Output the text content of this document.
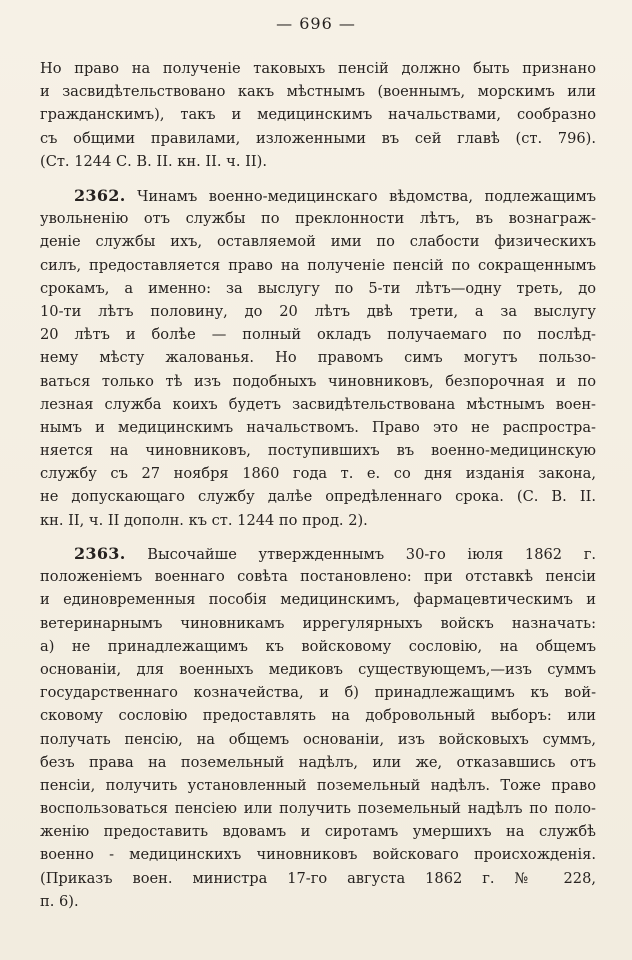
— 696 —
Но право на полученіе таковыхъ пенсій должно быть признано
и засвидѣтельствовано какъ мѣстнымъ (военнымъ, морскимъ или
гражданскимъ), такъ и медицинскимъ начальствами, сообразно
съ общими правилами, изложенными въ сей главѣ (ст. 796).
(Ст. 1244 С. В. II. кн. II. ч. II).
2362. Чинамъ военно-медицинскаго вѣдомства, подлежащимъ
увольненію отъ службы по преклонности лѣтъ, въ вознаграж-
деніе службы ихъ, оставляемой ими по слабости физическихъ
силъ, предоставляется право на полученіе пенсій по сокращеннымъ
срокамъ, а именно: за выслугу по 5-ти лѣтъ—одну треть, до
10-ти лѣтъ половину, до 20 лѣтъ двѣ трети, а за выслугу
20 лѣтъ и болѣе — полный окладъ получаемаго по послѣд-
нему мѣсту жалованья. Но правомъ симъ могутъ пользо-
ваться только тѣ изъ подобныхъ чиновниковъ, безпорочная и по
лезная служба коихъ будетъ засвидѣтельствована мѣстнымъ воен-
нымъ и медицинскимъ начальствомъ. Право это не распростра-
няется на чиновниковъ, поступившихъ въ военно-медицинскую
службу съ 27 ноября 1860 года т. е. со дня изданія закона,
не допускающаго службу далѣе опредѣленнаго срока. (С. В. II.
кн. II, ч. II дополн. къ ст. 1244 по прод. 2).
2363. Высочайше утвержденнымъ 30-го іюля 1862 г.
положеніемъ военнаго совѣта постановлено: при отставкѣ пенсіи
и единовременныя пособія медицинскимъ, фармацевтическимъ и
ветеринарнымъ чиновникамъ иррегулярныхъ войскъ назначать:
а) не принадлежащимъ къ войсковому сословію, на общемъ
основаніи, для военныхъ медиковъ существующемъ,—изъ суммъ
государственнаго козначейства, и б) принадлежащимъ къ вой-
сковому сословію предоставлять на добровольный выборъ: или
получать пенсію, на общемъ основаніи, изъ войсковыхъ суммъ,
безъ права на поземельный надѣлъ, или же, отказавшись отъ
пенсіи, получить установленный поземельный надѣлъ. Тоже право
воспользоваться пенсіею или получить поземельный надѣлъ по поло-
женію предоставить вдовамъ и сиротамъ умершихъ на службѣ
военно - медицинскихъ чиновниковъ войсковаго происхожденія.
(Приказъ воен. министра 17-го августа 1862 г. № 228,
п. 6).
